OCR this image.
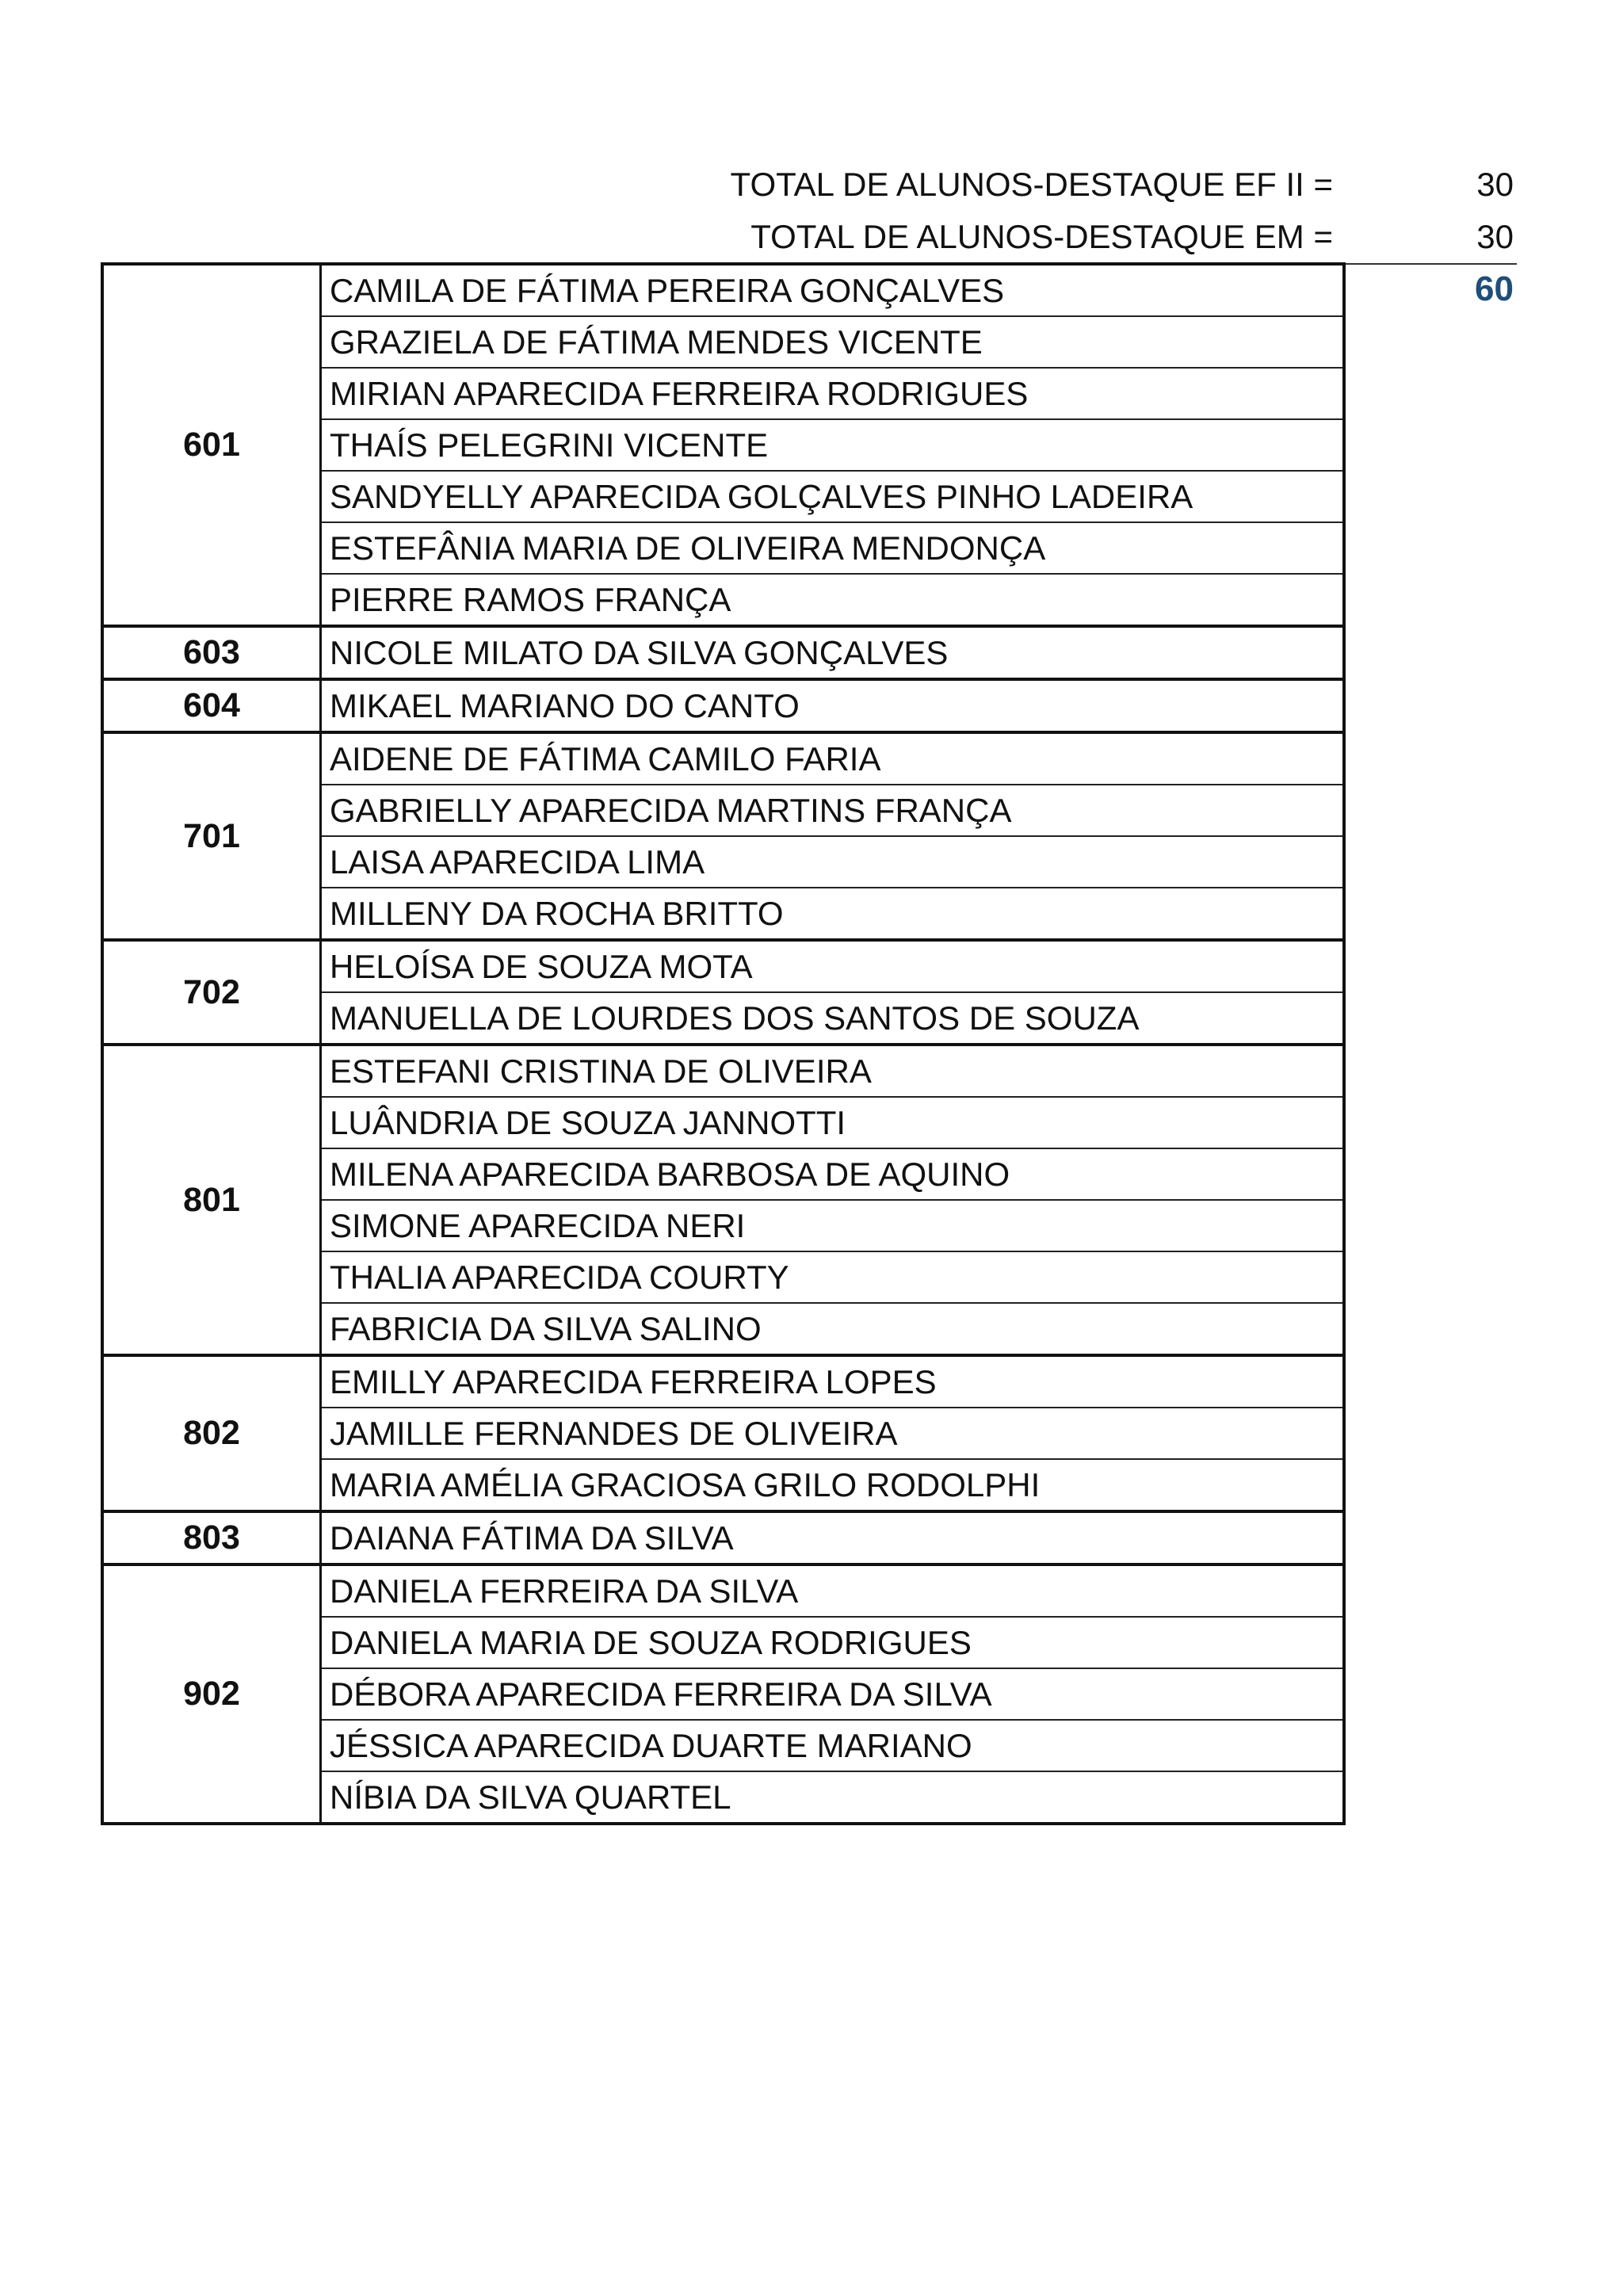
TOTAL DE ALUNOS-DESTAQUE EF II =	30
TOTAL DE ALUNOS-DESTAQUE EM =	30
60
601	CAMILA DE FÁTIMA PEREIRA GONÇALVES
	GRAZIELA DE FÁTIMA MENDES VICENTE
	MIRIAN APARECIDA FERREIRA RODRIGUES
	THAÍS PELEGRINI VICENTE
	SANDYELLY APARECIDA GOLÇALVES PINHO LADEIRA
	ESTEFÂNIA MARIA DE OLIVEIRA MENDONÇA
	PIERRE RAMOS FRANÇA
603	NICOLE MILATO DA SILVA GONÇALVES
604	MIKAEL MARIANO DO CANTO
701	AIDENE DE FÁTIMA CAMILO FARIA
	GABRIELLY APARECIDA MARTINS FRANÇA
	LAISA APARECIDA LIMA
	MILLENY DA ROCHA BRITTO
702	HELOÍSA DE SOUZA MOTA
	MANUELLA DE LOURDES DOS SANTOS DE SOUZA
801	ESTEFANI CRISTINA DE OLIVEIRA
	LUÂNDRIA DE SOUZA JANNOTTI
	MILENA APARECIDA BARBOSA DE AQUINO
	SIMONE APARECIDA NERI
	THALIA APARECIDA COURTY
	FABRICIA DA SILVA SALINO
802	EMILLY APARECIDA FERREIRA LOPES
	JAMILLE FERNANDES DE OLIVEIRA
	MARIA AMÉLIA GRACIOSA GRILO RODOLPHI
803	DAIANA FÁTIMA DA SILVA
902	DANIELA FERREIRA DA SILVA
	DANIELA MARIA DE SOUZA RODRIGUES
	DÉBORA APARECIDA FERREIRA DA SILVA
	JÉSSICA APARECIDA DUARTE MARIANO
	NÍBIA DA SILVA QUARTEL
